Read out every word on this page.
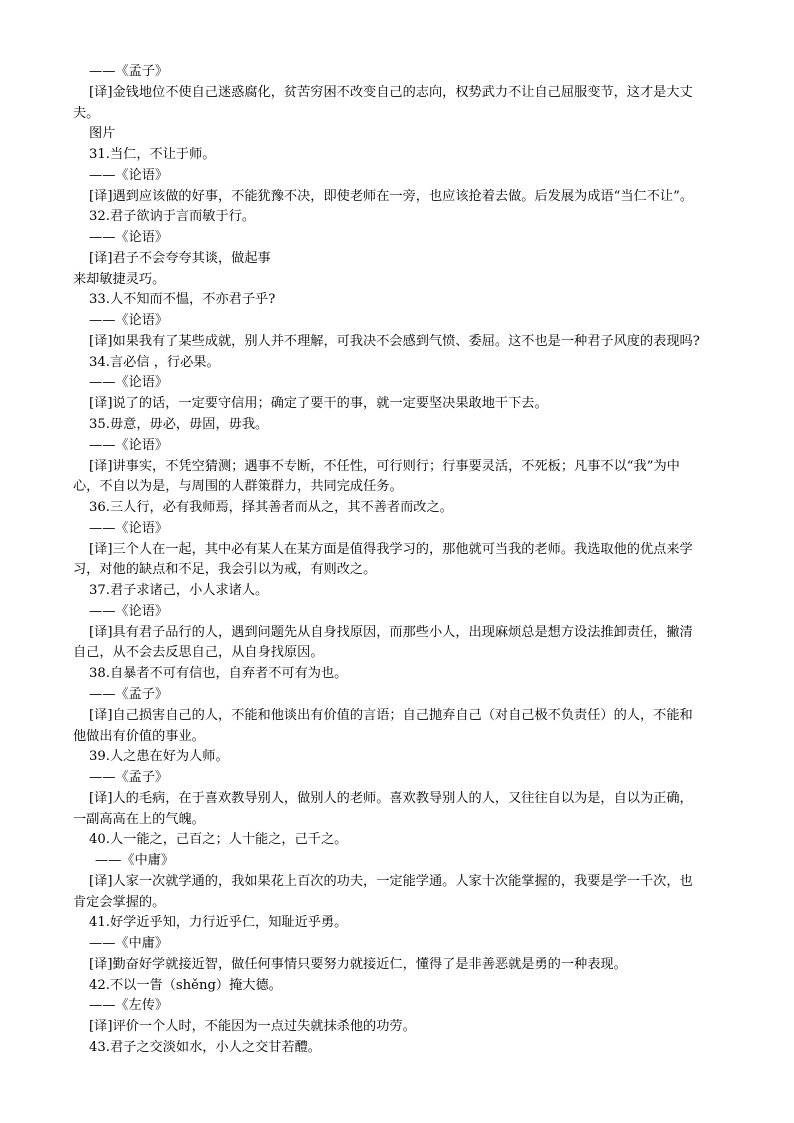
——《孟子》
[译]金钱地位不使自己迷惑腐化，贫苦穷困不改变自己的志向，权势武力不让自己屈服变节，这才是大丈
夫。
图片
31.当仁，不让于师。
——《论语》
[译]遇到应该做的好事，不能犹豫不决，即使老师在一旁，也应该抢着去做。后发展为成语“当仁不让”。
32.君子欲讷于言而敏于行。
——《论语》
[译]君子不会夸夸其谈，做起事
来却敏捷灵巧。
33.人不知而不愠，不亦君子乎?
——《论语》
[译]如果我有了某些成就，别人并不理解，可我决不会感到气愤、委屈。这不也是一种君子风度的表现吗?
34.言必信 ，行必果。
——《论语》
[译]说了的话，一定要守信用；确定了要干的事，就一定要坚决果敢地干下去。
35.毋意，毋必，毋固，毋我。
——《论语》
[译]讲事实，不凭空猜测；遇事不专断，不任性，可行则行；行事要灵活，不死板；凡事不以“我”为中
心，不自以为是，与周围的人群策群力，共同完成任务。
36.三人行，必有我师焉，择其善者而从之，其不善者而改之。
——《论语》
[译]三个人在一起，其中必有某人在某方面是值得我学习的，那他就可当我的老师。我选取他的优点来学
习，对他的缺点和不足，我会引以为戒，有则改之。
37.君子求诸己，小人求诸人。
——《论语》
[译]具有君子品行的人，遇到问题先从自身找原因，而那些小人，出现麻烦总是想方设法推卸责任，撇清
自己，从不会去反思自己，从自身找原因。
38.自暴者不可有信也，自弃者不可有为也。
——《孟子》
[译]自己损害自己的人，不能和他谈出有价值的言语；自己抛弃自己（对自己极不负责任）的人，不能和
他做出有价值的事业。
39.人之患在好为人师。
——《孟子》
[译]人的毛病，在于喜欢教导别人，做别人的老师。喜欢教导别人的人，又往往自以为是，自以为正确，
一副高高在上的气魄。
40.人一能之，己百之；人十能之，己千之。
——《中庸》
[译]人家一次就学通的，我如果花上百次的功夫，一定能学通。人家十次能掌握的，我要是学一千次，也
肯定会掌握的。
41.好学近乎知，力行近乎仁，知耻近乎勇。
——《中庸》
[译]勤奋好学就接近智，做任何事情只要努力就接近仁，懂得了是非善恶就是勇的一种表现。
42.不以一眚（shěng）掩大德。
——《左传》
[译]评价一个人时，不能因为一点过失就抹杀他的功劳。
43.君子之交淡如水，小人之交甘若醴。
